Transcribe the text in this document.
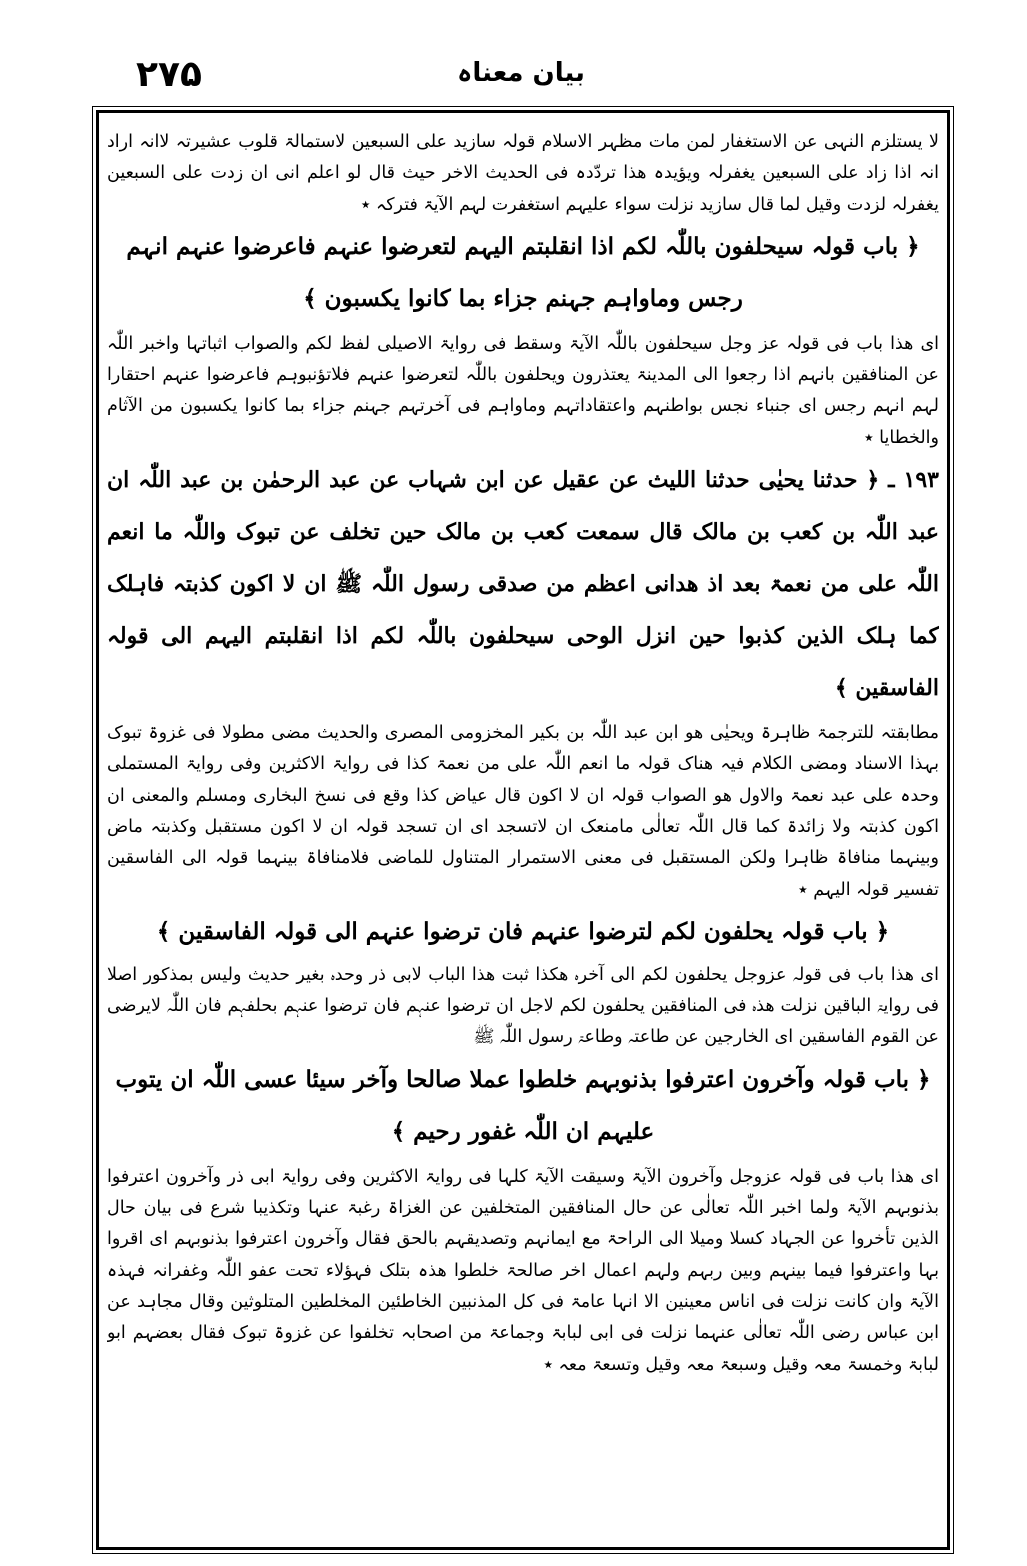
۲۷۵	بیان معناہ

لا یستلزم النہی عن الاستغفار لمن مات مظہر الاسلام قولہ سازید علی السبعین لاستمالۃ قلوب عشیرتہ لاانہ اراد انہ اذا زاد علی السبعین یغفرلہ ویؤیدہ ھذا تردّدہ فی الحدیث الاخر حیث قال لو اعلم انی ان زدت علی السبعین یغفرلہ لزدت وقیل لما قال سازید نزلت سواء علیہم استغفرت لہم الآیۃ فترکہ ٭

﴿ باب قولہ سیحلفون باللّٰہ لکم اذا انقلبتم الیہم لتعرضوا عنہم فاعرضوا عنہم انہم رجس وماواہم جہنم جزاء بما کانوا یکسبون ﴾

ای ھذا باب فی قولہ عز وجل سیحلفون باللّٰہ الآیۃ وسقط فی روایۃ الاصیلی لفظ لکم والصواب اثباتہا واخبر اللّٰہ عن المنافقین بانہم اذا رجعوا الی المدینۃ یعتذرون ویحلفون باللّٰہ لتعرضوا عنہم فلاتؤنبوہم فاعرضوا عنہم احتقارا لہم انہم رجس ای جنباء نجس بواطنہم واعتقاداتہم وماواہم فی آخرتہم جہنم جزاء بما کانوا یکسبون من الآثام والخطایا ٭

١٩٣ ـ ﴿ حدثنا یحیٰی حدثنا اللیث عن عقیل عن ابن شہاب عن عبد الرحمٰن بن عبد اللّٰہ ان عبد اللّٰہ بن کعب بن مالک قال سمعت کعب بن مالک حین تخلف عن تبوک واللّٰہ ما انعم اللّٰہ علی من نعمۃ بعد اذ ھدانی اعظم من صدقی رسول اللّٰہ ﷺ ان لا اکون کذبتہ فاہلک کما ہلک الذین کذبوا حین انزل الوحی سیحلفون باللّٰہ لکم اذا انقلبتم الیہم الی قولہ الفاسقین ﴾

مطابقتہ للترجمۃ ظاہرۃ ویحیٰی ھو ابن عبد اللّٰہ بن بکیر المخزومی المصری والحدیث مضی مطولا فی غزوۃ تبوک بہذا الاسناد ومضی الکلام فیہ ھناک قولہ ما انعم اللّٰہ علی من نعمۃ کذا فی روایۃ الاکثرین وفی روایۃ المستملی وحدہ علی عبد نعمۃ والاول ھو الصواب قولہ ان لا اکون قال عیاض کذا وقع فی نسخ البخاری ومسلم والمعنی ان اکون کذبتہ ولا زائدۃ کما قال اللّٰہ تعالٰی مامنعک ان لاتسجد ای ان تسجد قولہ ان لا اکون مستقبل وکذبتہ ماض وبینہما منافاۃ ظاہرا ولکن المستقبل فی معنی الاستمرار المتناول للماضی فلامنافاۃ بینہما قولہ الی الفاسقین تفسیر قولہ الیہم ٭

﴿ باب قولہ یحلفون لکم لترضوا عنہم فان ترضوا عنہم الی قولہ الفاسقین ﴾

ای ھذا باب فی قولہ عزوجل یحلفون لکم الی آخرہ ھکذا ثبت ھذا الباب لابی ذر وحدہ بغیر حدیث ولیس بمذکور اصلا فی روایۃ الباقین نزلت ھذہ فی المنافقین یحلفون لکم لاجل ان ترضوا عنہم فان ترضوا عنہم بحلفہم فان اللّٰہ لایرضی عن القوم الفاسقین ای الخارجین عن طاعتہ وطاعۃ رسول اللّٰہ ﷺ

﴿ باب قولہ وآخرون اعترفوا بذنوبہم خلطوا عملا صالحا وآخر سیئا عسی اللّٰہ ان یتوب علیہم ان اللّٰہ غفور رحیم ﴾

ای ھذا باب فی قولہ عزوجل وآخرون الآیۃ وسیقت الآیۃ کلہا فی روایۃ الاکثرین وفی روایۃ ابی ذر وآخرون اعترفوا بذنوبہم الآیۃ ولما اخبر اللّٰہ تعالٰی عن حال المنافقین المتخلفین عن الغزاۃ رغبۃ عنہا وتکذیبا شرع فی بیان حال الذین تأخروا عن الجہاد کسلا ومیلا الی الراحۃ مع ایمانہم وتصدیقہم بالحق فقال وآخرون اعترفوا بذنوبہم ای اقروا بہا واعترفوا فیما بینہم وبین ربہم ولہم اعمال اخر صالحۃ خلطوا ھذہ بتلک فہؤلاء تحت عفو اللّٰہ وغفرانہ فہذہ الآیۃ وان کانت نزلت فی اناس معینین الا انہا عامۃ فی کل المذنبین الخاطئین المخلطین المتلوثین وقال مجاہد عن ابن عباس رضی اللّٰہ تعالٰی عنہما نزلت فی ابی لبابۃ وجماعۃ من اصحابہ تخلفوا عن غزوۃ تبوک فقال بعضہم ابو لبابۃ وخمسۃ معہ وقیل وسبعۃ معہ وقیل وتسعۃ معہ ٭
